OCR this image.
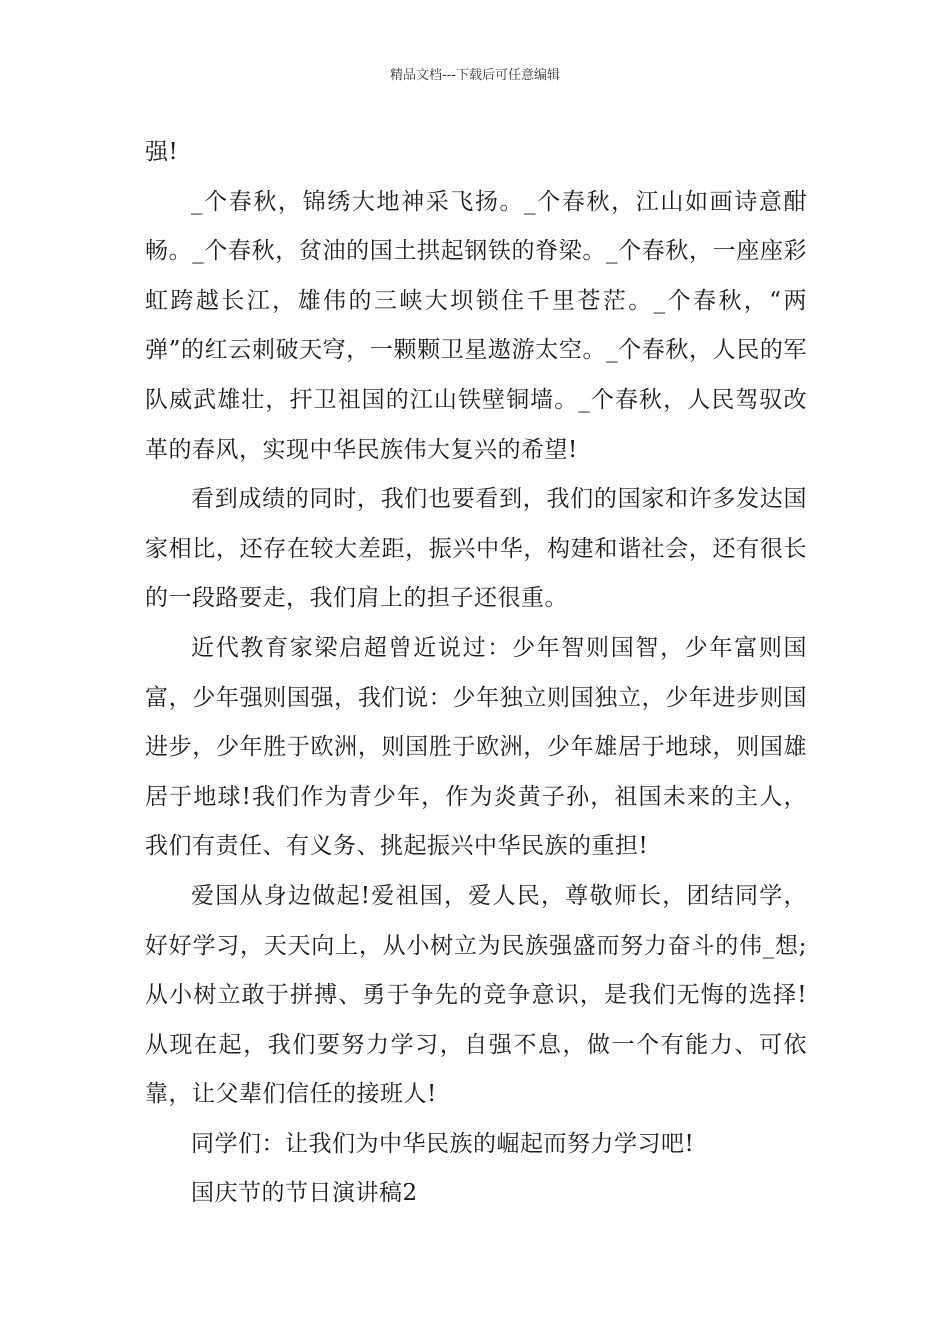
精品文档---下载后可任意编辑

强!

_个春秋，锦绣大地神采飞扬。_个春秋，江山如画诗意酣畅。_个春秋，贫油的国土拱起钢铁的脊梁。_个春秋，一座座彩虹跨越长江，雄伟的三峡大坝锁住千里苍茫。_个春秋，“两弹”的红云刺破天穹，一颗颗卫星遨游太空。_个春秋，人民的军队威武雄壮，扞卫祖国的江山铁壁铜墙。_个春秋，人民驾驭改革的春风，实现中华民族伟大复兴的希望!

看到成绩的同时，我们也要看到，我们的国家和许多发达国家相比，还存在较大差距，振兴中华，构建和谐社会，还有很长的一段路要走，我们肩上的担子还很重。

近代教育家梁启超曾近说过：少年智则国智，少年富则国富，少年强则国强，我们说：少年独立则国独立，少年进步则国进步，少年胜于欧洲，则国胜于欧洲，少年雄居于地球，则国雄居于地球!我们作为青少年，作为炎黄子孙，祖国未来的主人，我们有责任、有义务、挑起振兴中华民族的重担!

爱国从身边做起!爱祖国，爱人民，尊敬师长，团结同学，好好学习，天天向上，从小树立为民族强盛而努力奋斗的伟_想;从小树立敢于拼搏、勇于争先的竞争意识，是我们无悔的选择!从现在起，我们要努力学习，自强不息，做一个有能力、可依靠，让父辈们信任的接班人!

同学们：让我们为中华民族的崛起而努力学习吧!

国庆节的节日演讲稿2
